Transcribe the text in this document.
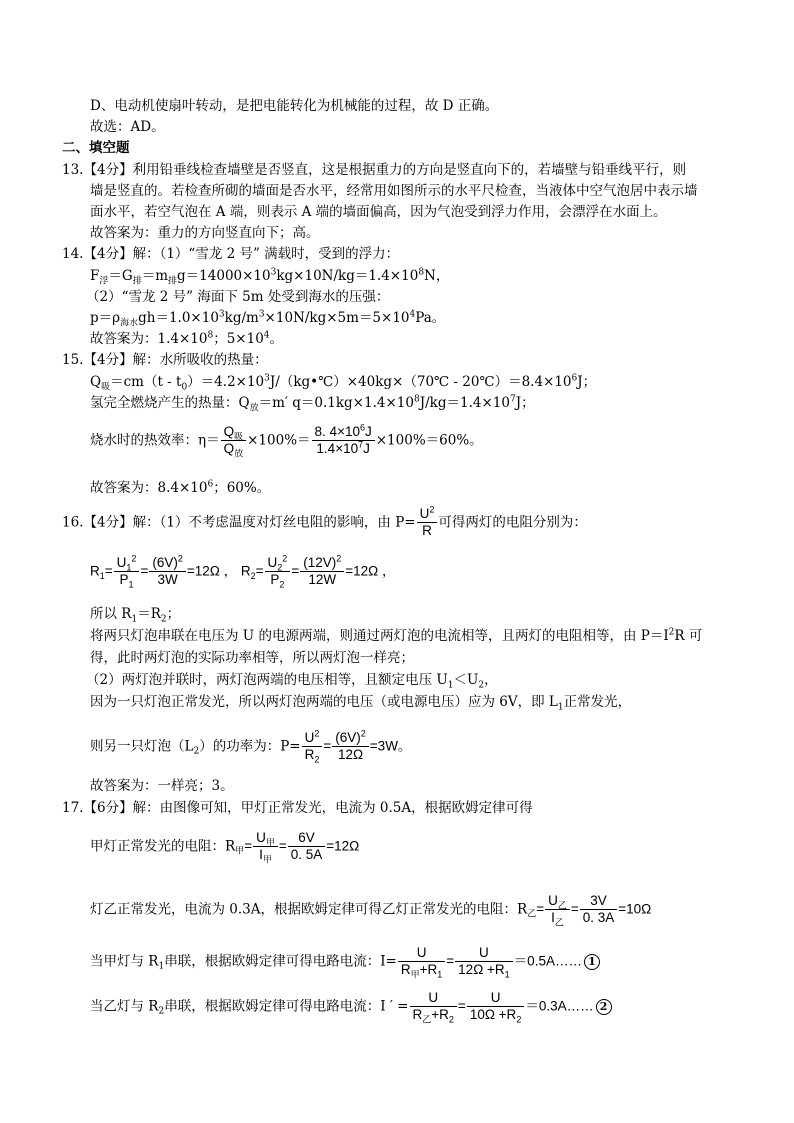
D、电动机使扇叶转动，是把电能转化为机械能的过程，故 D 正确。
故选：AD。
二、填空题
13.【4分】利用铅垂线检查墙壁是否竖直，这是根据重力的方向是竖直向下的，若墙壁与铅垂线平行，则
墙是竖直的。若检查所砌的墙面是否水平，经常用如图所示的水平尺检查，当液体中空气泡居中表示墙
面水平，若空气泡在 A 端，则表示 A 端的墙面偏高，因为气泡受到浮力作用，会漂浮在水面上。
故答案为：重力的方向竖直向下；高。
14.【4分】解：（1）“雪龙 2 号” 满载时，受到的浮力：
$F_浮=G_排=m_排g=14000\times 10^3kg\times 10N/kg=1.4\times 10^8N$，
（2）“雪龙 2 号” 海面下 5m 处受到海水的压强：
$p=\rho_{海水}gh=1.0\times 10^3kg/m^3\times 10N/kg\times 5m=5\times 10^4Pa$。
故答案为：$1.4\times 10^8$；$5\times 10^4$。
15.【4分】解：水所吸收的热量：
$Q_吸=cm(t$ - $t_0)=4.2\times 10^3J/(kg•℃)\times 40kg\times(70℃$ - $20℃)=8.4\times 10^6J$；
氢完全燃烧产生的热量：$Q_放=m'$ $q=0.1kg\times 1.4\times 10^8J/kg=1.4\times 10^7J$；
烧水时的热效率：$\eta= \frac{Q_吸}{Q_放} \times 100\%= \frac{8. 4\times 10^6J}{1.4\times 10^7J} \times 100\%=60\%$。
故答案为：$8.4\times 10^6$；60%。
16.【4分】解：（1）不考虑温度对灯丝电阻的影响，由 $P= \frac{U^2}{R}$ 可得两灯的电阻分别为：
$R_1= \frac{U_1^2}{P_1} = \frac{(6V)^2}{3W} =12\Omega$ ， $R_2= \frac{U_2^2}{P_2} = \frac{(12V)^2}{12W} =12\Omega$ ，
所以 $R_1=R_2$；
将两只灯泡串联在电压为 U 的电源两端，则通过两灯泡的电流相等，且两灯的电阻相等，由 $P=I^2R$ 可
得，此时两灯泡的实际功率相等，所以两灯泡一样亮；
（2）两灯泡并联时，两灯泡两端的电压相等，且额定电压 $U_1<U_2$，
因为一只灯泡正常发光，所以两灯泡两端的电压（或电源电压）应为 6V，即 $L_1$正常发光，
则另一只灯泡$(L_2)$的功率为：$P= \frac{U^2}{R_2} = \frac{(6V)^2}{12\Omega} =3W$。
故答案为：一样亮；3。
17.【6分】解：由图像可知，甲灯正常发光，电流为 0.5A，根据欧姆定律可得
甲灯正常发光的电阻：$R_甲= \frac{U_甲}{I_甲} = \frac{6V}{0. 5A} =12\Omega$
灯乙正常发光，电流为 0.3A，根据欧姆定律可得乙灯正常发光的电阻：$R_乙= \frac{U_乙}{I_乙} = \frac{3V}{0. 3A} =10\Omega$
当甲灯与 $R_1$串联，根据欧姆定律可得电路电流：$I= \frac{U}{R_甲+R_1} = \frac{U}{12\Omega +R_1}$ ＝0.5A…… 1
当乙灯与 $R_2$串联，根据欧姆定律可得电路电流：I ′ = $\frac{U}{R_乙+R_2} = \frac{U}{10\Omega +R_2}$ ＝0.3A…… 2
